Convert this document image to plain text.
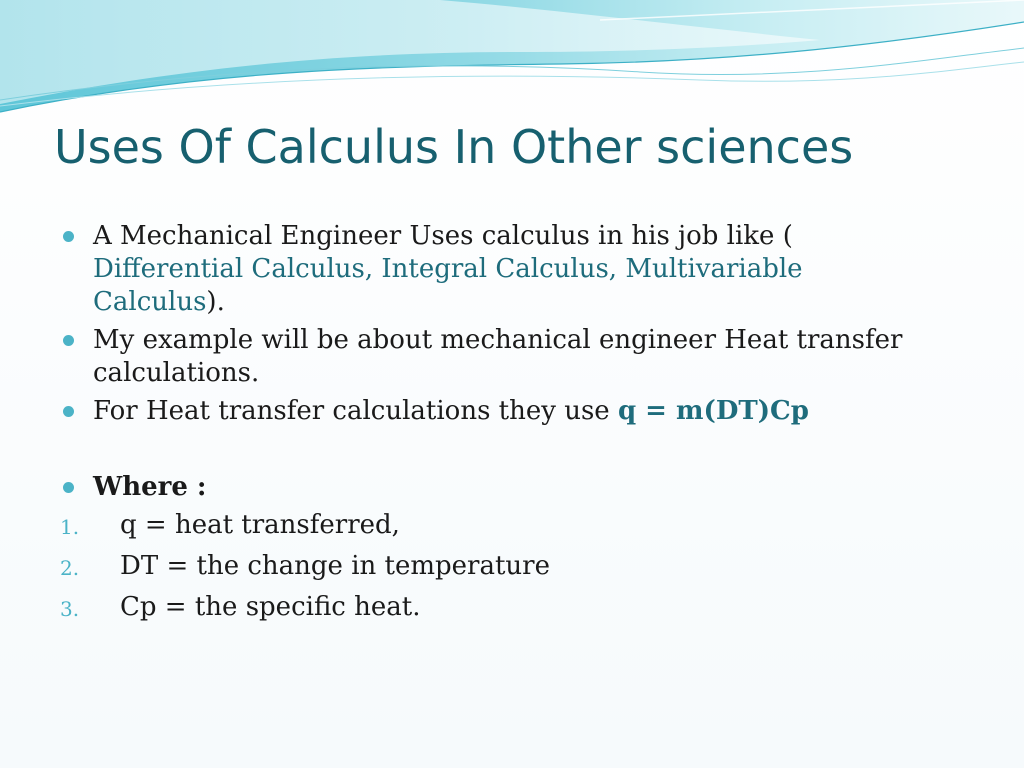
Uses Of Calculus In Other sciences
A Mechanical Engineer Uses calculus in his job like ( Differential Calculus, Integral Calculus, Multivariable Calculus).
My example will be about mechanical engineer Heat transfer calculations.
For Heat transfer calculations they use q = m(DT)Cp
Where :
1. q = heat transferred,
2. DT = the change in temperature
3. Cp = the specific heat.
